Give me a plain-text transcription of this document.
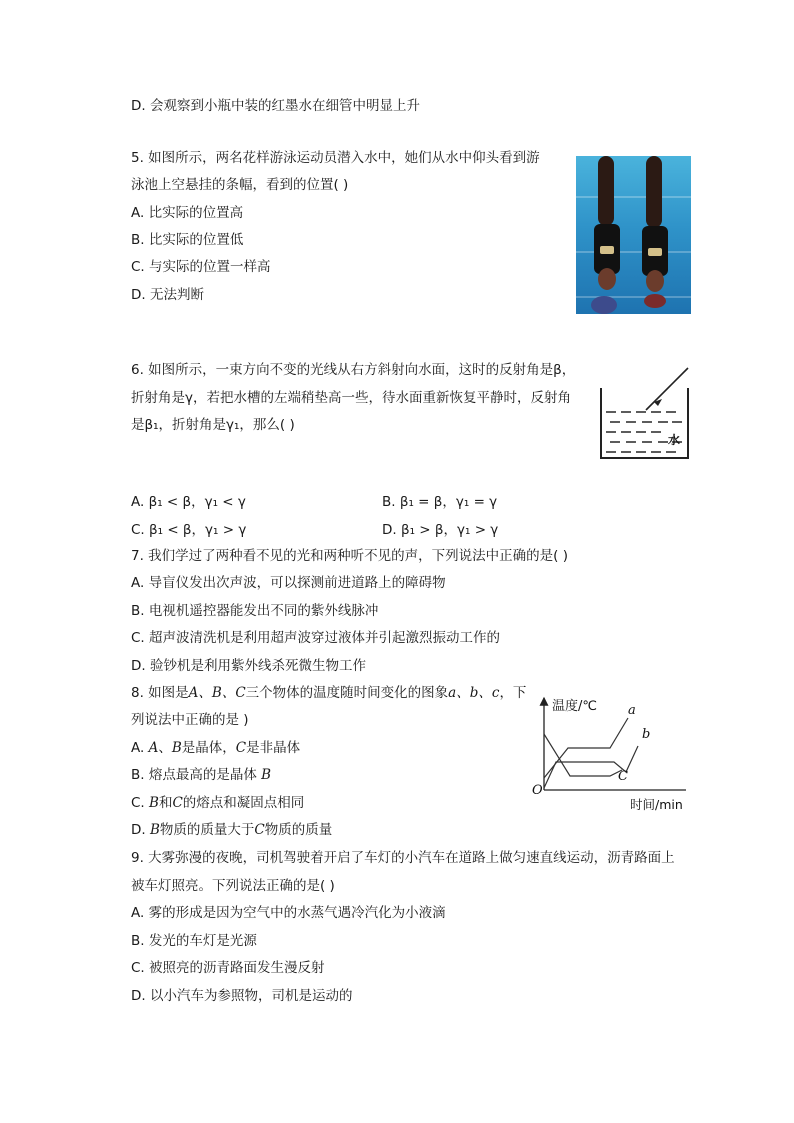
D. 会观察到小瓶中装的红墨水在细管中明显上升
5. 如图所示，两名花样游泳运动员潜入水中，她们从水中仰头看到游
泳池上空悬挂的条幅，看到的位置( )
A. 比实际的位置高
B. 比实际的位置低
C. 与实际的位置一样高
D. 无法判断
6. 如图所示，一束方向不变的光线从右方斜射向水面，这时的反射角是β，
折射角是γ，若把水槽的左端稍垫高一些，待水面重新恢复平静时，反射角
是β₁，折射角是γ₁，那么( )
水
A. β₁ < β，γ₁ < γ	B. β₁ = β，γ₁ = γ
C. β₁ < β，γ₁ > γ	D. β₁ > β，γ₁ > γ
7. 我们学过了两种看不见的光和两种听不见的声，下列说法中正确的是( )
A. 导盲仪发出次声波，可以探测前进道路上的障碍物
B. 电视机遥控器能发出不同的紫外线脉冲
C. 超声波清洗机是利用超声波穿过液体并引起激烈振动工作的
D. 验钞机是利用紫外线杀死微生物工作
8. 如图是A、B、C三个物体的温度随时间变化的图象a、b、c，下
列说法中正确的是 )
A. A、B是晶体，C是非晶体
B. 熔点最高的是晶体 B
C. B和C的熔点和凝固点相同
D. B物质的质量大于C物质的质量
温度/℃
时间/min
O
a
b
C
9. 大雾弥漫的夜晚，司机驾驶着开启了车灯的小汽车在道路上做匀速直线运动，沥青路面上
被车灯照亮。下列说法正确的是( )
A. 雾的形成是因为空气中的水蒸气遇冷汽化为小液滴
B. 发光的车灯是光源
C. 被照亮的沥青路面发生漫反射
D. 以小汽车为参照物，司机是运动的
